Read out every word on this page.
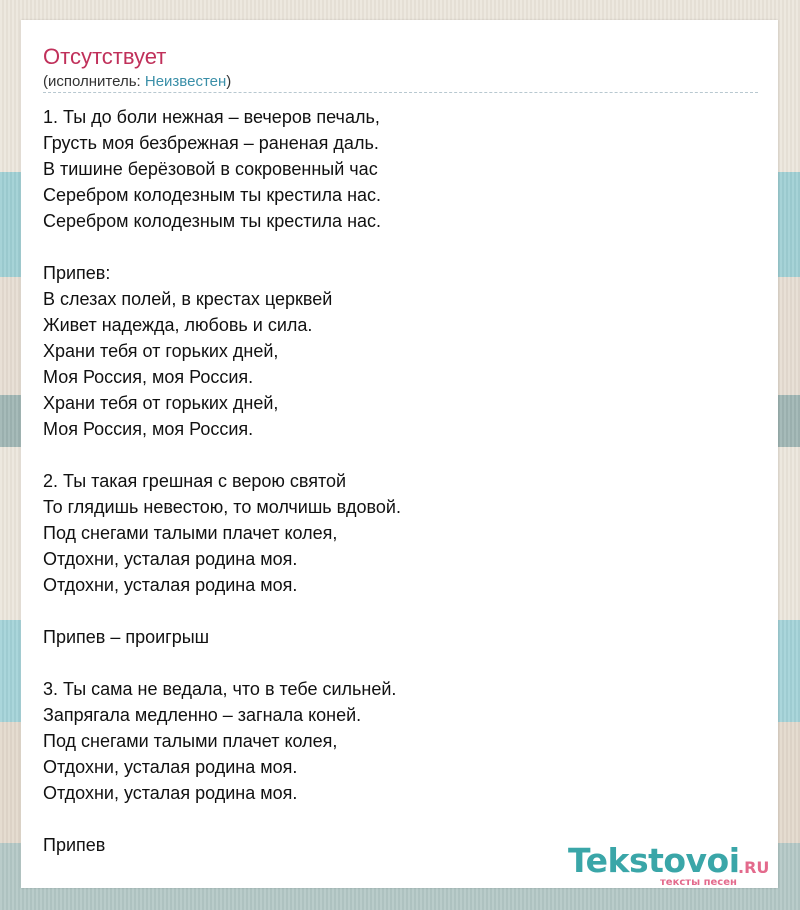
Отсутствует
(исполнитель: Неизвестен)
1. Ты до боли нежная – вечеров печаль,
Грусть моя безбрежная – раненая даль.
В тишине берёзовой в сокровенный час
Серебром колодезным ты крестила нас.
Серебром колодезным ты крестила нас.
Припев:
В слезах полей, в крестах церквей
Живет надежда, любовь и сила.
Храни тебя от горьких дней,
Моя Россия, моя Россия.
Храни тебя от горьких дней,
Моя Россия, моя Россия.
2. Ты такая грешная с верою святой
То глядишь невестою, то молчишь вдовой.
Под снегами талыми плачет колея,
Отдохни, усталая родина моя.
Отдохни, усталая родина моя.
Припев – проигрыш
3. Ты сама не ведала, что в тебе сильней.
Запрягала медленно – загнала коней.
Под снегами талыми плачет колея,
Отдохни, усталая родина моя.
Отдохни, усталая родина моя.
Припев	Tekstovoi
.RU
тексты песен
